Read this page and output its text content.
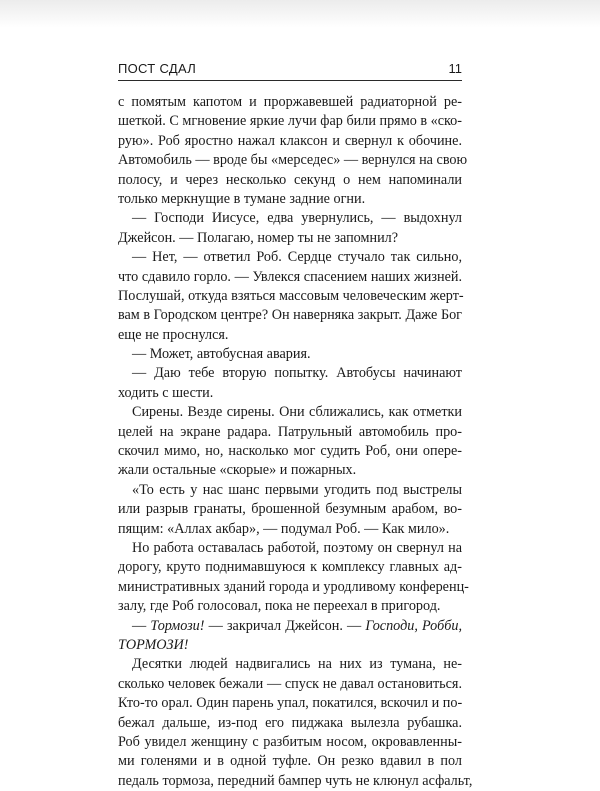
ПОСТ СДАЛ	11
с помятым капотом и проржавевшей радиаторной ре-
шеткой. С мгновение яркие лучи фар били прямо в «ско-
рую». Роб яростно нажал клаксон и свернул к обочине.
Автомобиль — вроде бы «мерседес» — вернулся на свою
полосу, и через несколько секунд о нем напоминали
только меркнущие в тумане задние огни.
— Господи Иисусе, едва увернулись, — выдохнул
Джейсон. — Полагаю, номер ты не запомнил?
— Нет, — ответил Роб. Сердце стучало так сильно,
что сдавило горло. — Увлекся спасением наших жизней.
Послушай, откуда взяться массовым человеческим жерт-
вам в Городском центре? Он наверняка закрыт. Даже Бог
еще не проснулся.
— Может, автобусная авария.
— Даю тебе вторую попытку. Автобусы начинают
ходить с шести.
Сирены. Везде сирены. Они сближались, как отметки
целей на экране радара. Патрульный автомобиль про-
скочил мимо, но, насколько мог судить Роб, они опере-
жали остальные «скорые» и пожарных.
«То есть у нас шанс первыми угодить под выстрелы
или разрыв гранаты, брошенной безумным арабом, во-
пящим: «Аллах акбар», — подумал Роб. — Как мило».
Но работа оставалась работой, поэтому он свернул на
дорогу, круто поднимавшуюся к комплексу главных ад-
министративных зданий города и уродливому конференц-
залу, где Роб голосовал, пока не переехал в пригород.
— Тормози! — закричал Джейсон. — Господи, Робби,
ТОРМОЗИ!
Десятки людей надвигались на них из тумана, не-
сколько человек бежали — спуск не давал остановиться.
Кто-то орал. Один парень упал, покатился, вскочил и по-
бежал дальше, из-под его пиджака вылезла рубашка.
Роб увидел женщину с разбитым носом, окровавленны-
ми голенями и в одной туфле. Он резко вдавил в пол
педаль тормоза, передний бампер чуть не клюнул асфальт,
